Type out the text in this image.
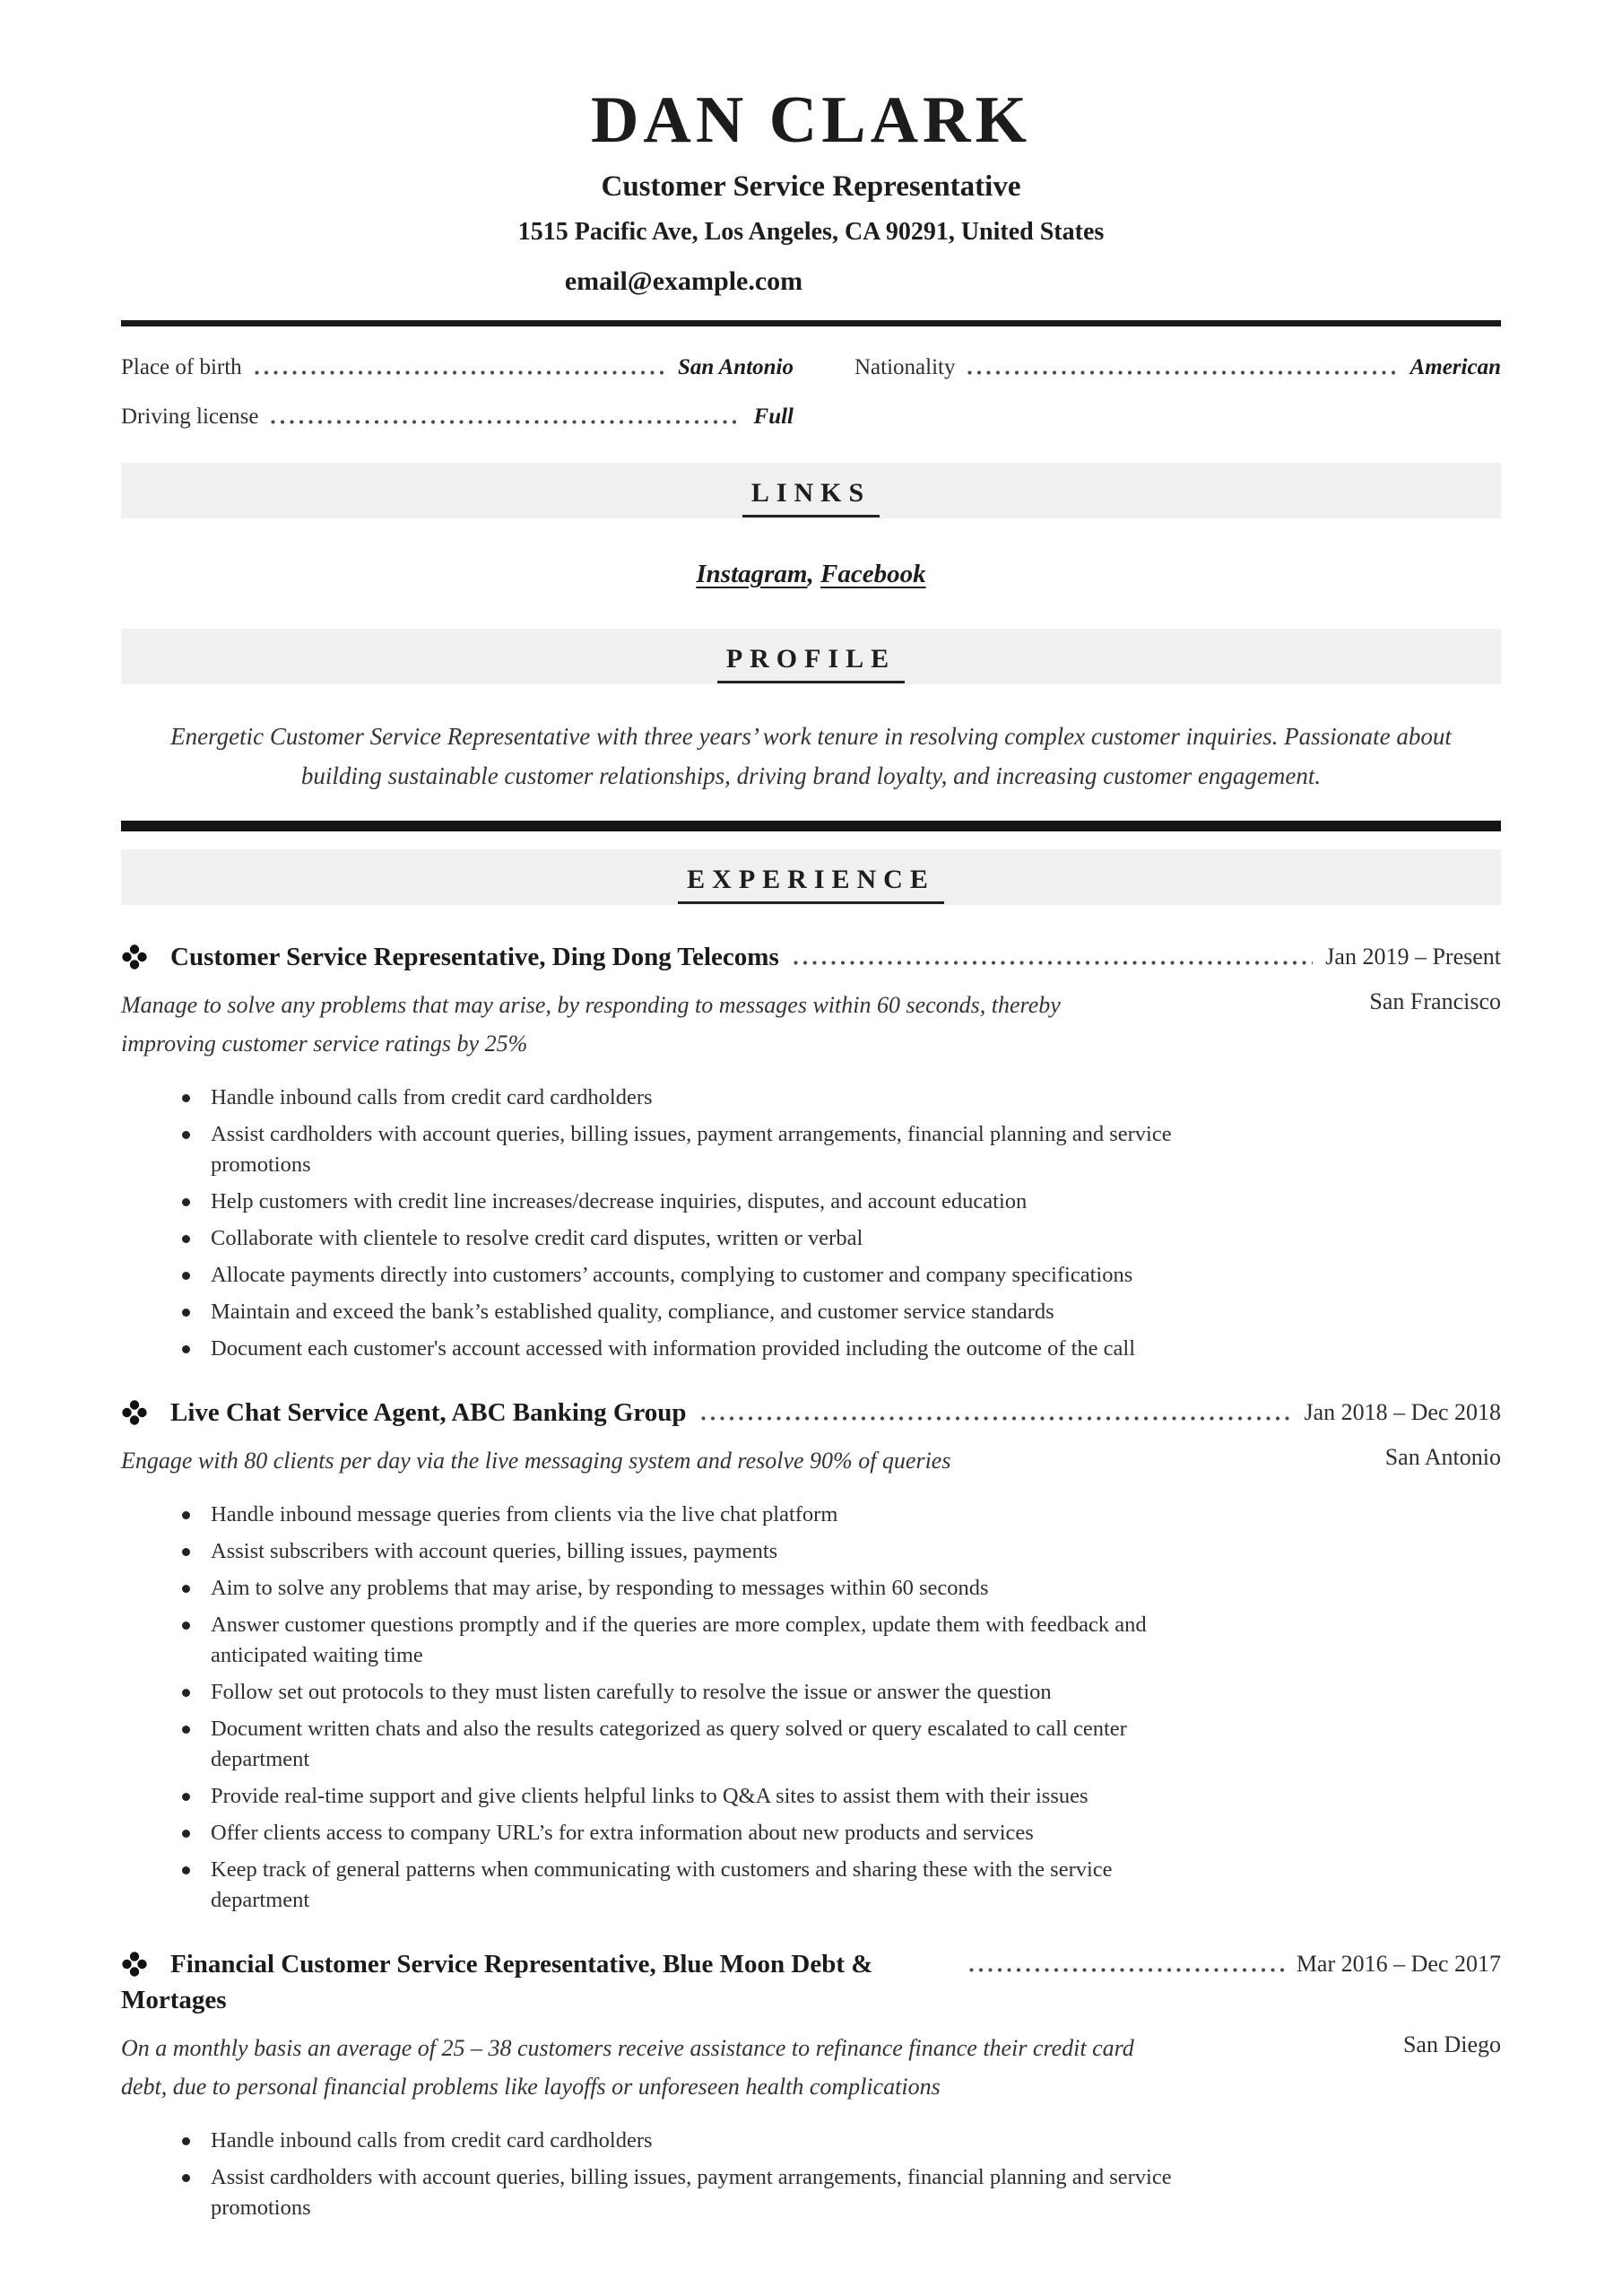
DAN CLARK
Customer Service Representative
1515 Pacific Ave, Los Angeles, CA 90291, United States
email@example.com
Place of birth	San Antonio	Nationality	American
Driving license	Full
LINKS
Instagram, Facebook
PROFILE

Energetic Customer Service Representative with three years’ work tenure in resolving complex customer inquiries. Passionate about building sustainable customer relationships, driving brand loyalty, and increasing customer engagement.

EXPERIENCE
Customer Service Representative, Ding Dong Telecoms	Jan 2019 – Present

Manage to solve any problems that may arise, by responding to messages within 60 seconds, thereby improving customer service ratings by 25%

San Francisco
Handle inbound calls from credit card cardholders
Assist cardholders with account queries, billing issues, payment arrangements, financial planning and service promotions
Help customers with credit line increases/decrease inquiries, disputes, and account education
Collaborate with clientele to resolve credit card disputes, written or verbal
Allocate payments directly into customers’ accounts, complying to customer and company specifications
Maintain and exceed the bank’s established quality, compliance, and customer service standards
Document each customer's account accessed with information provided including the outcome of the call
Live Chat Service Agent, ABC Banking Group	Jan 2018 – Dec 2018

Engage with 80 clients per day via the live messaging system and resolve 90% of queries	San Antonio
Handle inbound message queries from clients via the live chat platform
Assist subscribers with account queries, billing issues, payments
Aim to solve any problems that may arise, by responding to messages within 60 seconds
Answer customer questions promptly and if the queries are more complex, update them with feedback and anticipated waiting time
Follow set out protocols to they must listen carefully to resolve the issue or answer the question
Document written chats and also the results categorized as query solved or query escalated to call center department
Provide real-time support and give clients helpful links to Q&A sites to assist them with their issues
Offer clients access to company URL’s for extra information about new products and services
Keep track of general patterns when communicating with customers and sharing these with the service department
Financial Customer Service Representative, Blue Moon Debt & Mortages
Mar 2016 – Dec 2017

On a monthly basis an average of 25 – 38 customers receive assistance to refinance finance their credit card debt, due to personal financial problems like layoffs or unforeseen health complications

San Diego
Handle inbound calls from credit card cardholders
Assist cardholders with account queries, billing issues, payment arrangements, financial planning and service promotions
